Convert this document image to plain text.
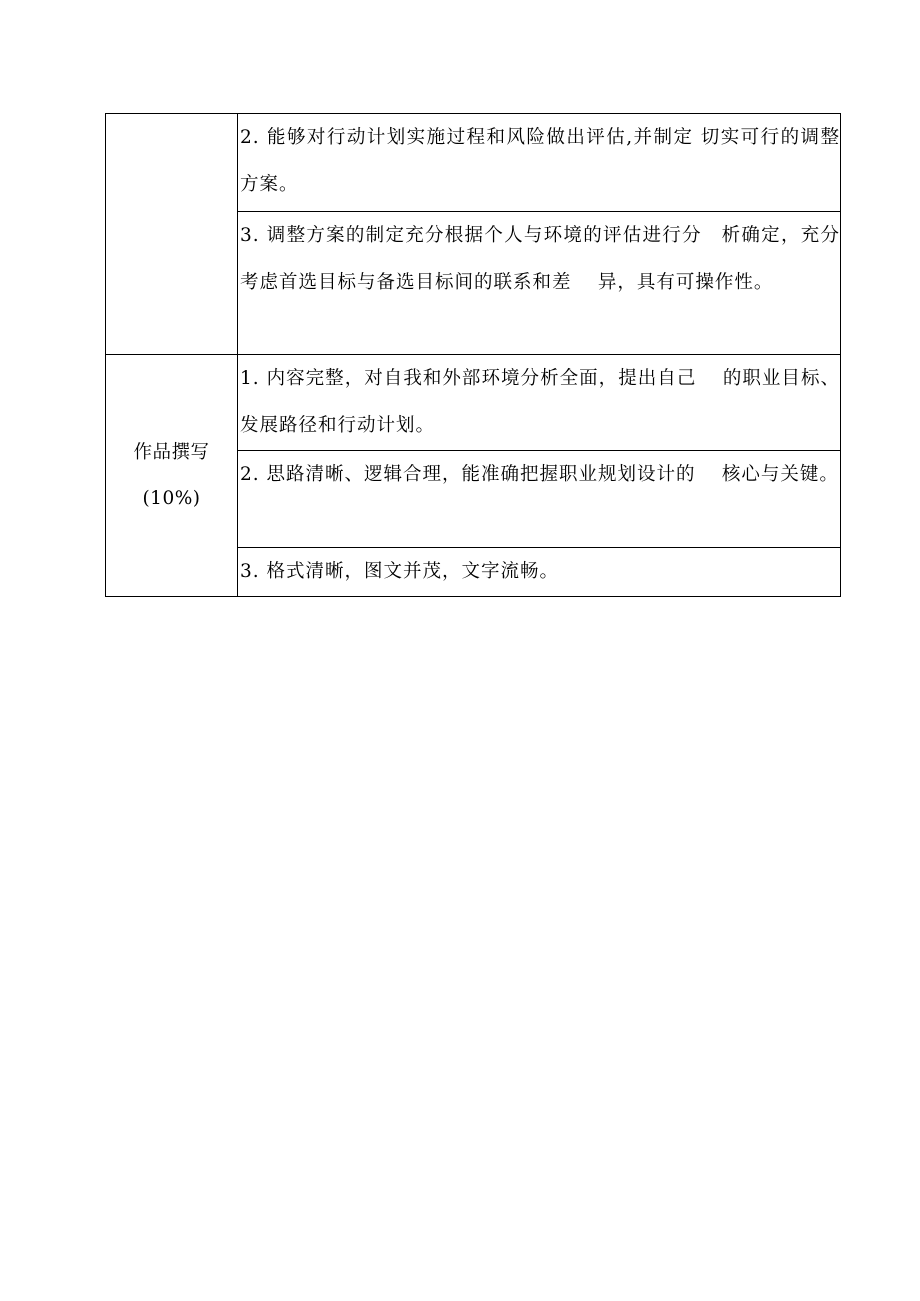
	2. 能够对行动计划实施过程和风险做出评估,并制定 切实可行的调整方案。
	3. 调整方案的制定充分根据个人与环境的评估进行分　析确定，充分考虑首选目标与备选目标间的联系和差　 异，具有可操作性。

作品撰写
(10%)	1. 内容完整，对自我和外部环境分析全面，提出自己　 的职业目标、发展路径和行动计划。
	2. 思路清晰、逻辑合理，能准确把握职业规划设计的　 核心与关键。
	3. 格式清晰，图文并茂，文字流畅。
